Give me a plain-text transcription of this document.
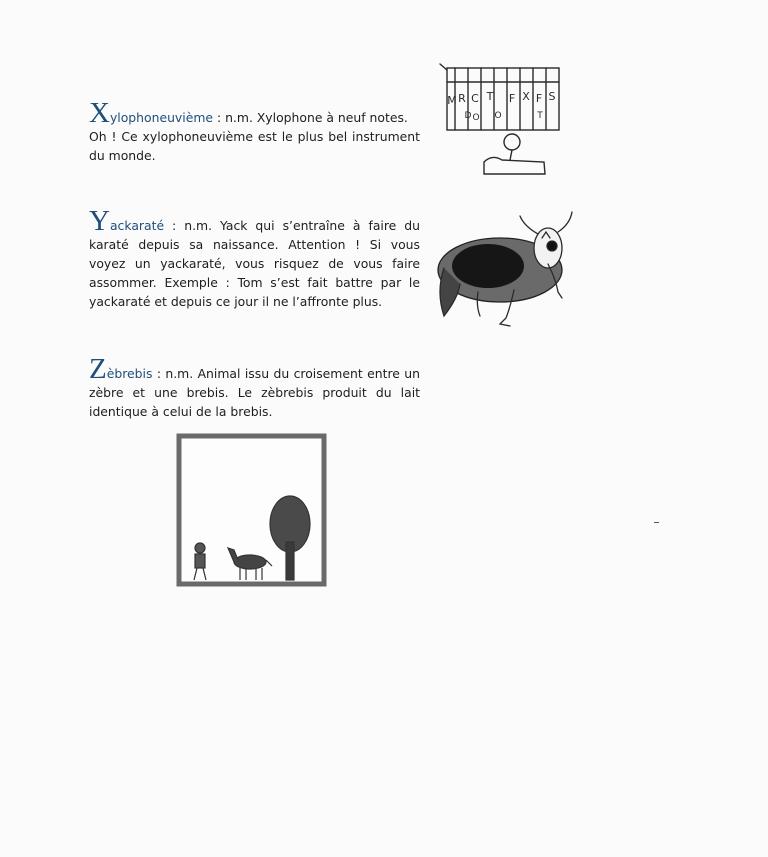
Xylophoneuvième : n.m. Xylophone à neuf notes.

Oh ! Ce xylophoneuvième est le plus bel instrument du monde.

Yackaraté : n.m. Yack qui s’entraîne à faire du karaté depuis sa naissance. Attention ! Si vous voyez un yackaraté, vous risquez de vous faire assommer. Exemple : Tom s’est fait battre par le yackaraté et depuis ce jour il ne l’affronte plus.

Zèbrebis : n.m. Animal issu du croisement entre un zèbre et une brebis. Le zèbrebis produit du lait identique à celui de la brebis.

M R C T F X F S
D O O	T
